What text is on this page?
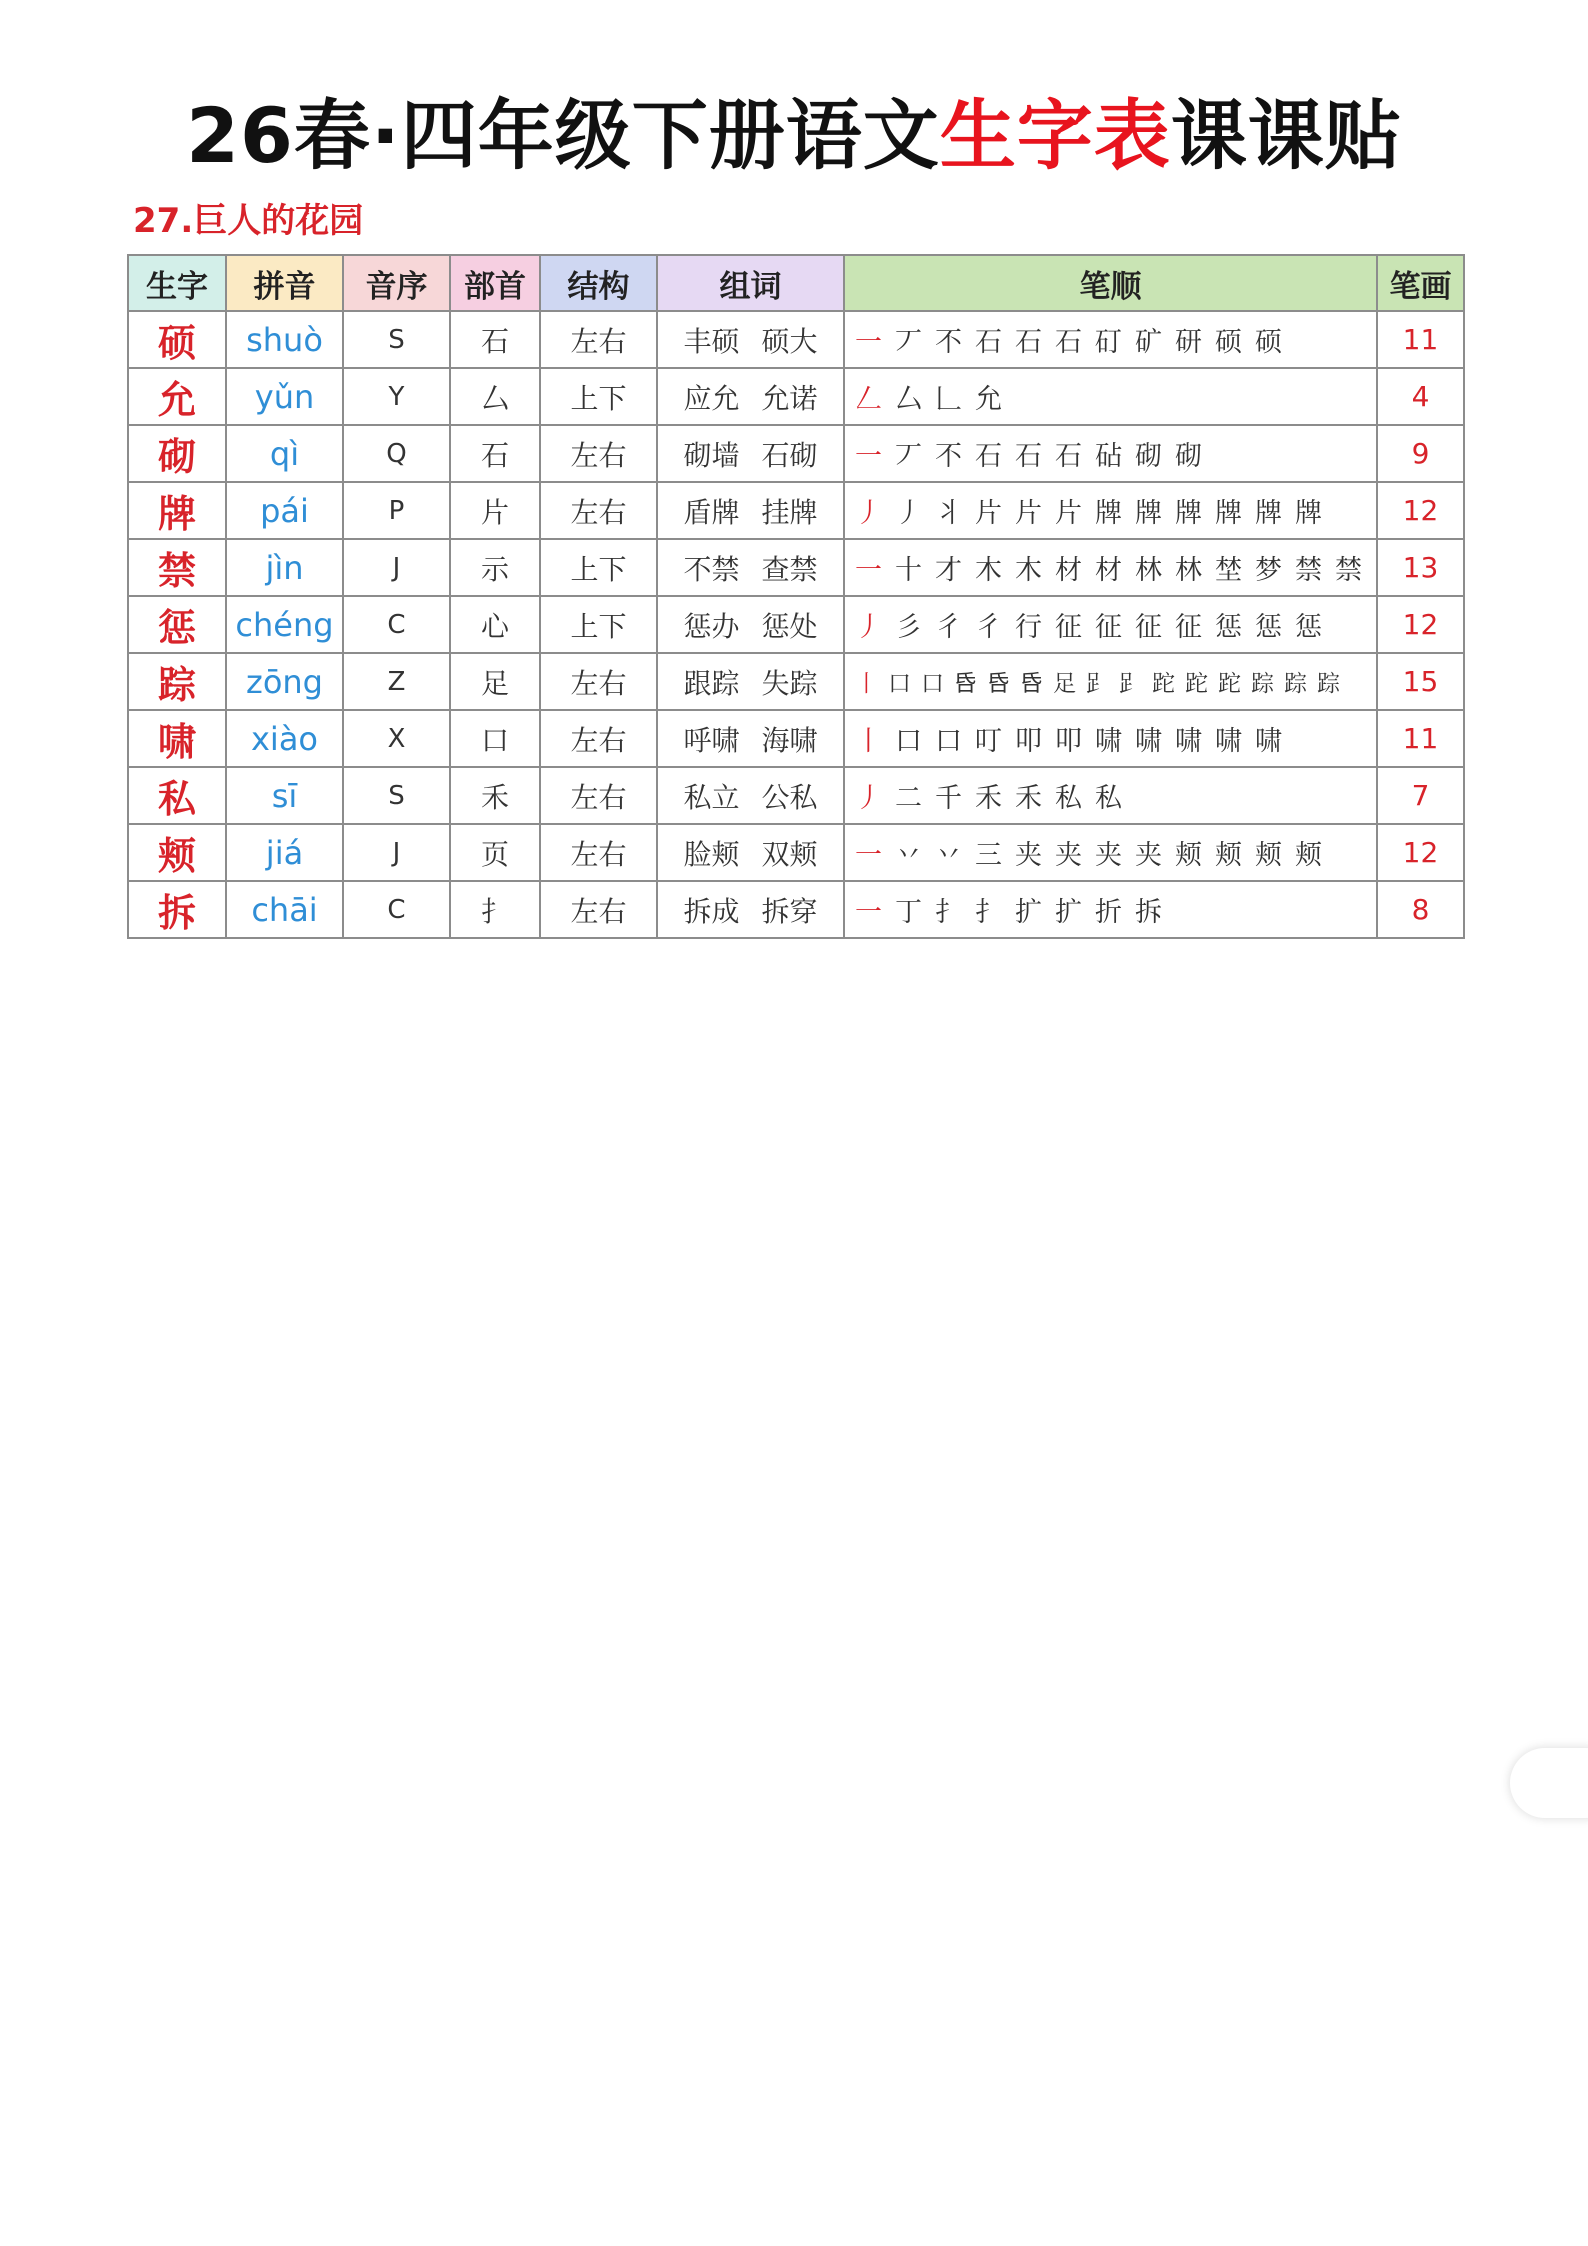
26春·四年级下册语文生字表课课贴
27.巨人的花园
生字	拼音	音序	部首	结构	组词	笔顺	笔画
硕	shuò	S	石	左右	丰硕 硕大	一 丆 不 石 石 石 矴 矿 研 硕 硕	11
允	yǔn	Y	厶	上下	应允 允诺	𠃋 厶 𠃊 允	4
砌	qì	Q	石	左右	砌墙 石砌	一 丆 不 石 石 石 砧 砌 砌	9
牌	pái	P	片	左右	盾牌 挂牌	丿 丿 丬 片 片 片 牌 牌 牌 牌 牌 牌	12
禁	jìn	J	示	上下	不禁 查禁	一 十 才 木 木 材 材 林 林 埜 梦 禁 禁	13
惩	chéng	C	心	上下	惩办 惩处	丿 彡 彳 彳 行 征 征 征 征 惩 惩 惩	12
踪	zōng	Z	足	左右	跟踪 失踪	丨 口 口 𠯑 𠯑 𠯑 足 𧾷 𧾷 跎 跎 跎 踪 踪 踪	15
啸	xiào	X	口	左右	呼啸 海啸	丨 口 口 叮 叩 叩 啸 啸 啸 啸 啸	11
私	sī	S	禾	左右	私立 公私	丿 二 千 禾 禾 私 私	7
颊	jiá	J	页	左右	脸颊 双颊	一 丷 丷 三 夹 夹 夹 夹 颊 颊 颊 颊	12
拆	chāi	C	扌	左右	拆成 拆穿	一 丁 扌 扌 扩 扩 折 拆	8
